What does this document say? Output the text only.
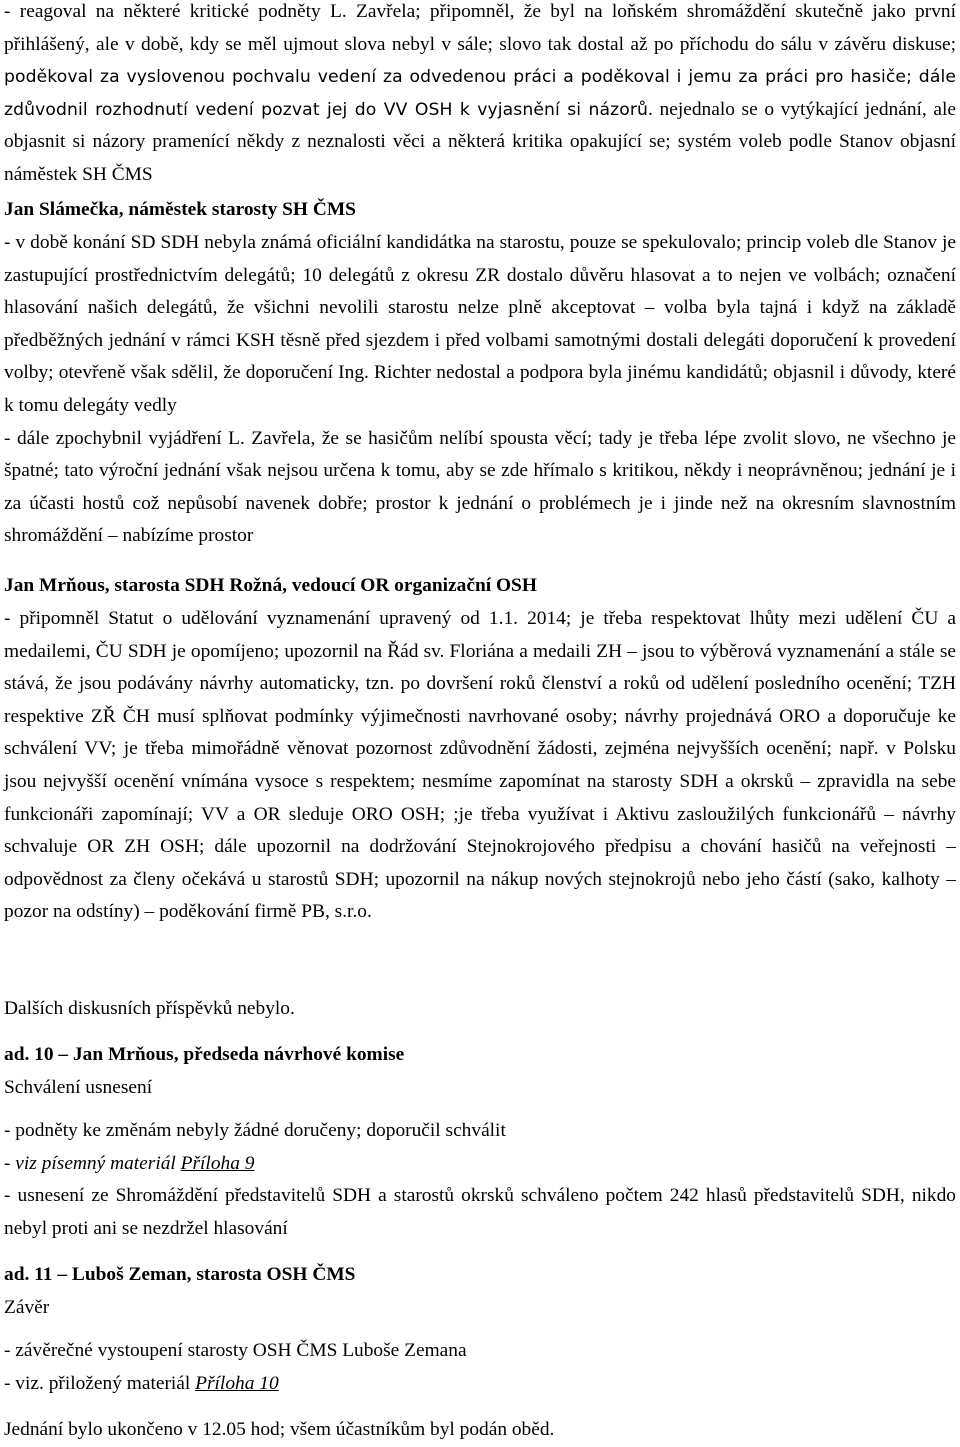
- reagoval na některé kritické podněty L. Zavřela; připomněl, že byl na loňském shromáždění skutečně jako první přihlášený, ale v době, kdy se měl ujmout slova nebyl v sále; slovo tak dostal až po příchodu do sálu v závěru diskuse; poděkoval za vyslovenou pochvalu vedení za odvedenou práci a poděkoval i jemu za práci pro hasiče; dále zdůvodnil rozhodnutí vedení pozvat jej do VV OSH k vyjasnění si názorů. nejednalo se o vytýkající jednání, ale objasnit si názory pramenící někdy z neznalosti věci a některá kritika opakující se; systém voleb podle Stanov objasní náměstek SH ČMS
Jan Slámečka, náměstek starosty SH ČMS
- v době konání SD SDH nebyla známá oficiální kandidátka na starostu, pouze se spekulovalo; princip voleb dle Stanov je zastupující prostřednictvím delegátů; 10 delegátů z okresu ZR dostalo důvěru hlasovat a to nejen ve volbách; označení hlasování našich delegátů, že všichni nevolili starostu nelze plně akceptovat – volba byla tajná i když na základě předběžných jednání v rámci KSH těsně před sjezdem i před volbami samotnými dostali delegáti doporučení k provedení volby; otevřeně však sdělil, že doporučení Ing. Richter nedostal a podpora byla jinému kandidátů; objasnil i důvody, které k tomu delegáty vedly
- dále zpochybnil vyjádření L. Zavřela, že se hasičům nelíbí spousta věcí; tady je třeba lépe zvolit slovo, ne všechno je špatné; tato výroční jednání však nejsou určena k tomu, aby se zde hřímalo s kritikou, někdy i neoprávněnou; jednání je i za účasti hostů což nepůsobí navenek dobře; prostor k jednání o problémech je i jinde než na okresním slavnostním shromáždění – nabízíme prostor
Jan Mrňous, starosta SDH Rožná, vedoucí OR organizační OSH
- připomněl Statut o udělování vyznamenání upravený od 1.1. 2014; je třeba respektovat lhůty mezi udělení ČU a medailemi, ČU SDH je opomíjeno; upozornil na Řád sv. Floriána a medaili ZH – jsou to výběrová vyznamenání a stále se stává, že jsou podávány návrhy automaticky, tzn. po dovršení roků členství a roků od udělení posledního ocenění; TZH respektive ZŘ ČH musí splňovat podmínky výjimečnosti navrhované osoby; návrhy projednává ORO a doporučuje ke schválení VV; je třeba mimořádně věnovat pozornost zdůvodnění žádosti, zejména nejvyšších ocenění; např. v Polsku jsou nejvyšší ocenění vnímána vysoce s respektem; nesmíme zapomínat na starosty SDH a okrsků – zpravidla na sebe funkcionáři zapomínají; VV a OR sleduje ORO OSH; ;je třeba využívat i Aktivu zasloužilých funkcionářů – návrhy schvaluje OR ZH OSH; dále upozornil na dodržování Stejnokrojového předpisu a chování hasičů na veřejnosti – odpovědnost za členy očekává u starostů SDH; upozornil na nákup nových stejnokrojů nebo jeho částí (sako, kalhoty – pozor na odstíny) – poděkování firmě PB, s.r.o.
Dalších diskusních příspěvků nebylo.
ad. 10 – Jan Mrňous, předseda návrhové komise
Schválení usnesení
- podněty ke změnám nebyly žádné doručeny; doporučil schválit
- viz písemný materiál Příloha 9
- usnesení ze Shromáždění představitelů SDH a starostů okrsků schváleno počtem 242 hlasů představitelů SDH, nikdo nebyl proti ani se nezdržel hlasování
ad. 11 – Luboš Zeman, starosta OSH ČMS
Závěr
- závěrečné vystoupení starosty OSH ČMS Luboše Zemana
- viz. přiložený materiál Příloha 10
Jednání bylo ukončeno v 12.05 hod; všem účastníkům byl podán oběd.
